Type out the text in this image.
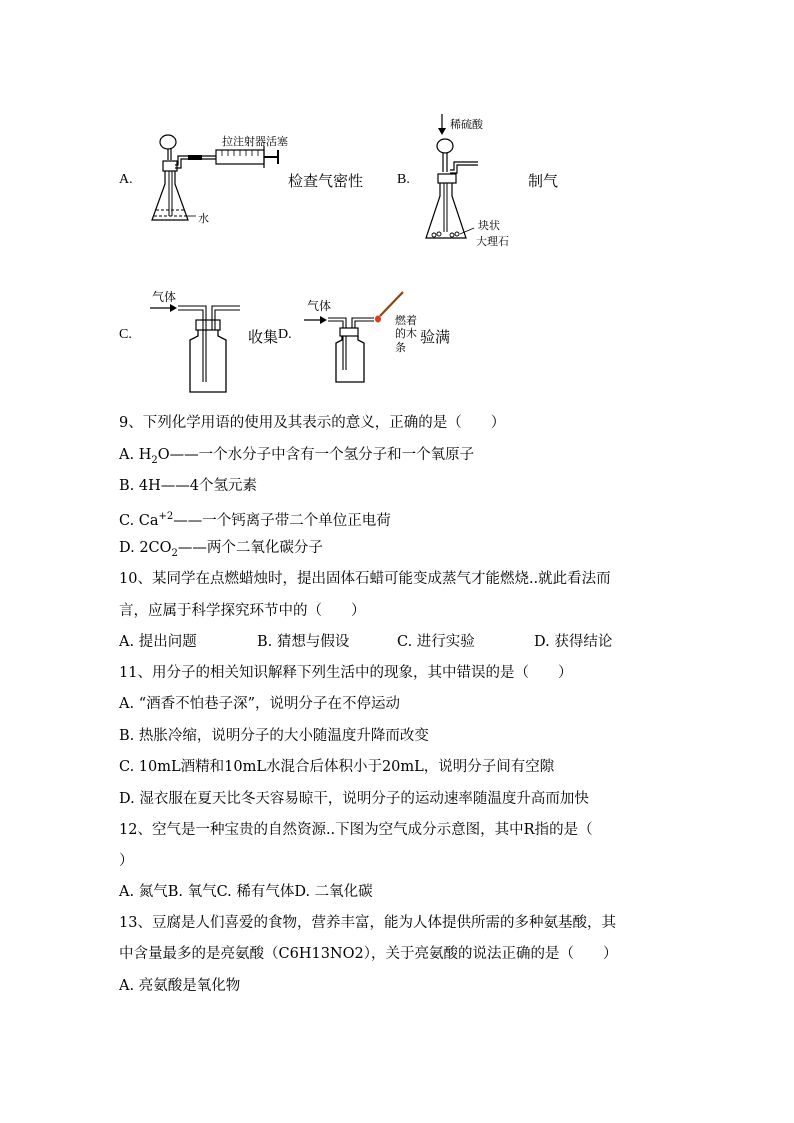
A.
拉注射器活塞
水
检查气密性 B.
稀硫酸
制气
块状
大理石
C.
气体
收集 D.
气体
燃着
的木
条
验满
9、下列化学用语的使用及其表示的意义，正确的是（　　）
A. $H_2O——$一个水分子中含有一个氢分子和一个氧原子
B. 4H——4个氢元素
C. $Ca^{+2}——$一个钙离子带二个单位正电荷
D. $2CO_2——$两个二氧化碳分子
10、某同学在点燃蜡烛时，提出固体石蜡可能变成蒸气才能燃烧..就此看法而
言，应属于科学探究环节中的（　　）
A. 提出问题	B. 猜想与假设	C. 进行实验	D. 获得结论
11、用分子的相关知识解释下列生活中的现象，其中错误的是（　　）
A. “酒香不怕巷子深”，说明分子在不停运动
B. 热胀冷缩，说明分子的大小随温度升降而改变
C. 10mL酒精和10mL水混合后体积小于20mL，说明分子间有空隙
D. 湿衣服在夏天比冬天容易晾干，说明分子的运动速率随温度升高而加快
12、空气是一种宝贵的自然资源..下图为空气成分示意图，其中R指的是（
）
A. 氮气B. 氧气C. 稀有气体D. 二氧化碳
13、豆腐是人们喜爱的食物，营养丰富，能为人体提供所需的多种氨基酸，其
中含量最多的是亮氨酸（C6H13NO2），关于亮氨酸的说法正确的是（　　）
A. 亮氨酸是氧化物
